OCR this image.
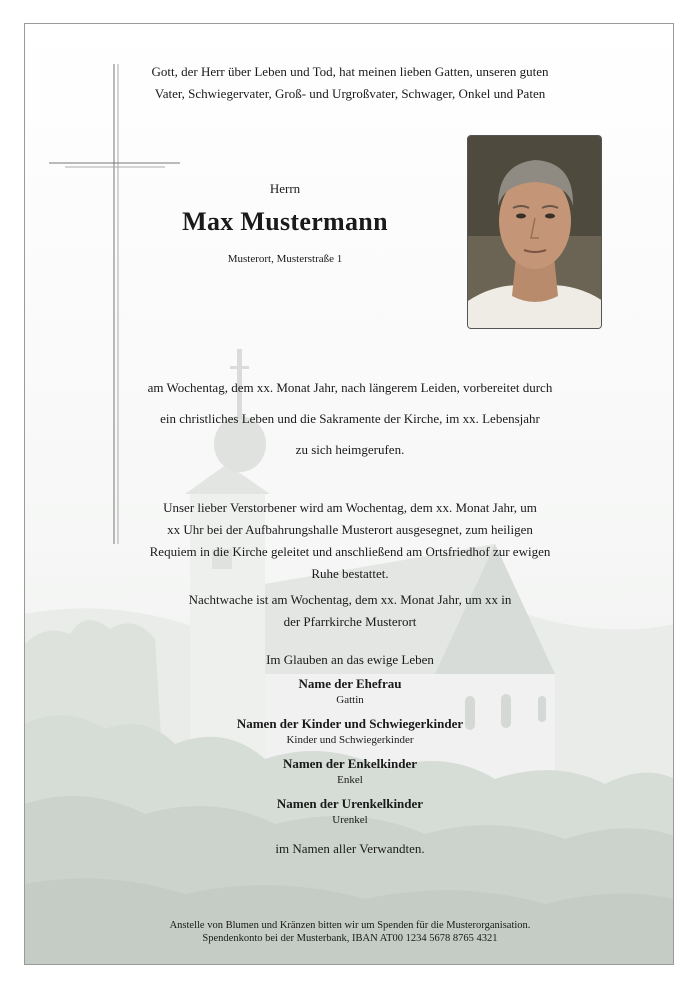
Gott, der Herr über Leben und Tod, hat meinen lieben Gatten, unseren guten
Vater, Schwiegervater, Groß- und Urgroßvater, Schwager, Onkel und Paten
Herrn
Max Mustermann
Musterort, Musterstraße 1
am Wochentag, dem xx. Monat Jahr, nach längerem Leiden, vorbereitet durch
ein christliches Leben und die Sakramente der Kirche, im xx. Lebensjahr
zu sich heimgerufen.
Unser lieber Verstorbener wird am Wochentag, dem xx. Monat Jahr, um
xx Uhr bei der Aufbahrungshalle Musterort ausgesegnet, zum heiligen
Requiem in die Kirche geleitet und anschließend am Ortsfriedhof zur ewigen
Ruhe bestattet.
Nachtwache ist am Wochentag, dem xx. Monat Jahr, um xx in
der Pfarrkirche Musterort
Im Glauben an das ewige Leben
Name der Ehefrau
Gattin
Namen der Kinder und Schwiegerkinder
Kinder und Schwiegerkinder
Namen der Enkelkinder
Enkel
Namen der Urenkelkinder
Urenkel
im Namen aller Verwandten.
Anstelle von Blumen und Kränzen bitten wir um Spenden für die Musterorganisation.
Spendenkonto bei der Musterbank, IBAN AT00 1234 5678 8765 4321
